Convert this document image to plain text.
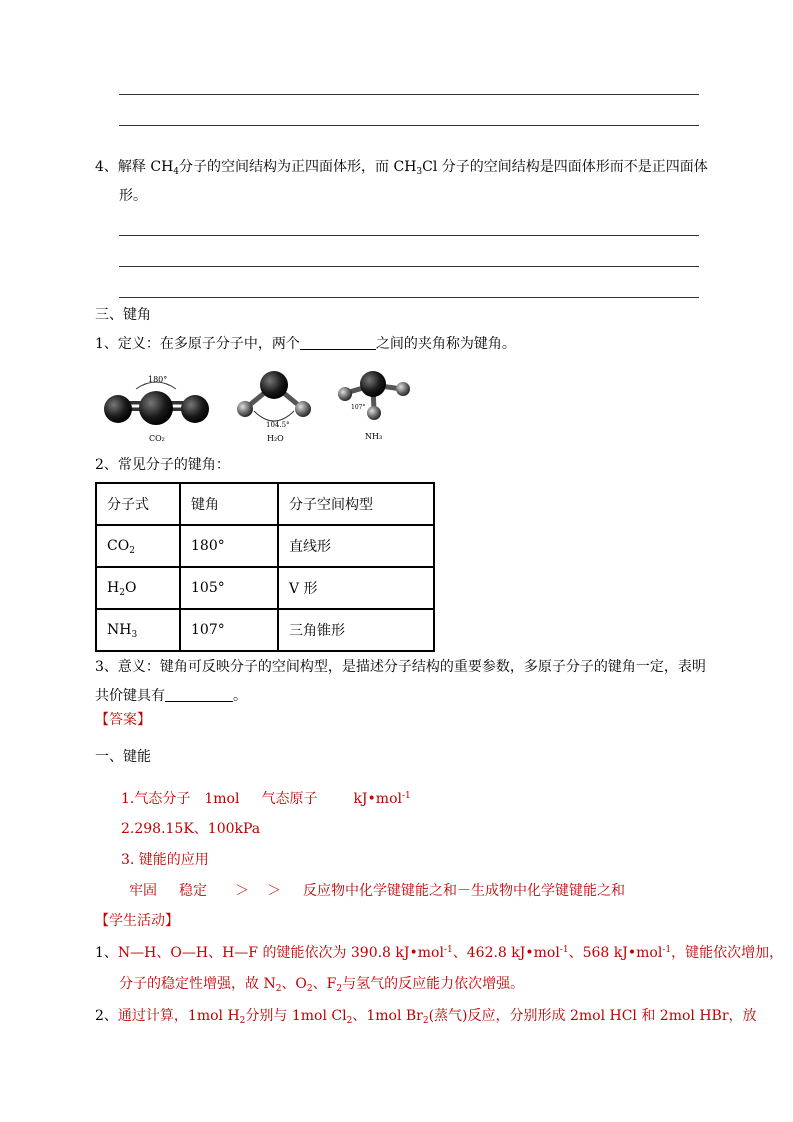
4、解释 $CH_4$分子的空间结构为正四面体形，而 $CH_3Cl$ 分子的空间结构是四面体形而不是正四面体
形。
三、键角
1、定义：在多原子分子中，两个	之间的夹角称为键角。
180°
CO₂
104.5°
H₂O
107°
NH₃
2、常见分子的键角：
分子式	键角	分子空间构型
$CO_2$	180°	直线形
$H_2O$	105°	V 形
$NH_3$	107°	三角锥形
3、意义：键角可反映分子的空间构型，是描述分子结构的重要参数，多原子分子的键角一定，表明
共价键具有	。
【答案】
一、键能
1.气态分子 1mol 气态原子	kJ•mol$^{-1}$
2.298.15K、100kPa
3. 键能的应用
牢固 稳定 ＞ ＞ 反应物中化学键键能之和－生成物中化学键键能之和
【学生活动】
1、N—H、O—H、H—F 的键能依次为 390.8 kJ•mol$^{-1}$、462.8 kJ•mol$^{-1}$、568 kJ•mol$^{-1}$，键能依次增加，
分子的稳定性增强，故 $N_2$、$O_2$、$F_2$与氢气的反应能力依次增强。
2、通过计算，1mol $H_2$分别与 1mol $Cl_2$、1mol $Br_2$(蒸气)反应，分别形成 2mol HCl 和 2mol HBr，放
